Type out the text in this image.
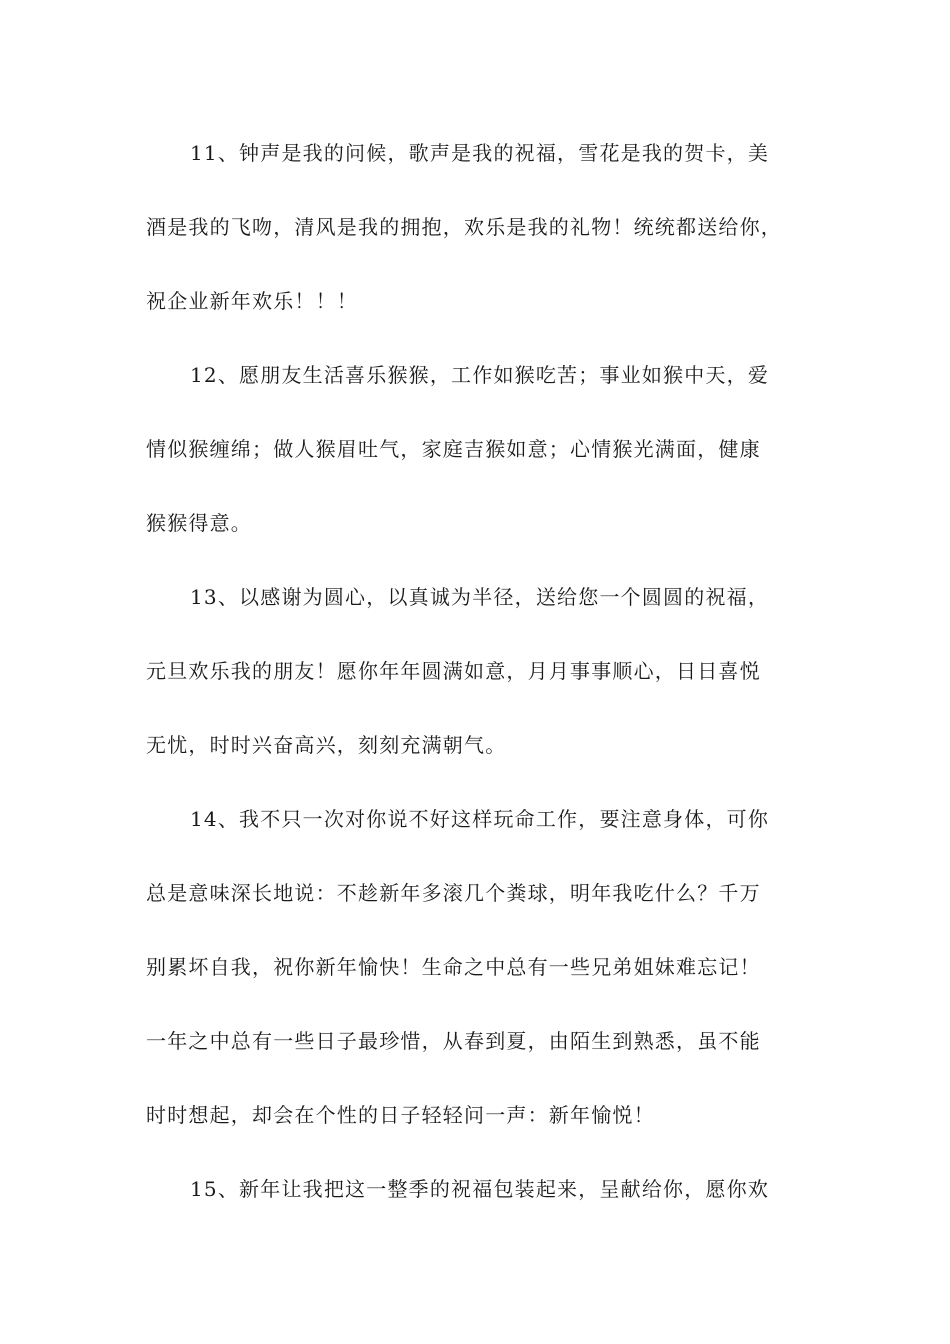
11、钟声是我的问候，歌声是我的祝福，雪花是我的贺卡，美
酒是我的飞吻，清风是我的拥抱，欢乐是我的礼物！统统都送给你，
祝企业新年欢乐！！！
12、愿朋友生活喜乐猴猴，工作如猴吃苦；事业如猴中天，爱
情似猴缠绵；做人猴眉吐气，家庭吉猴如意；心情猴光满面，健康
猴猴得意。
13、以感谢为圆心，以真诚为半径，送给您一个圆圆的祝福，
元旦欢乐我的朋友！愿你年年圆满如意，月月事事顺心，日日喜悦
无忧，时时兴奋高兴，刻刻充满朝气。
14、我不只一次对你说不好这样玩命工作，要注意身体，可你
总是意味深长地说：不趁新年多滚几个粪球，明年我吃什么？千万
别累坏自我，祝你新年愉快！生命之中总有一些兄弟姐妹难忘记！
一年之中总有一些日子最珍惜，从春到夏，由陌生到熟悉，虽不能
时时想起，却会在个性的日子轻轻问一声：新年愉悦！
15、新年让我把这一整季的祝福包装起来，呈献给你，愿你欢
